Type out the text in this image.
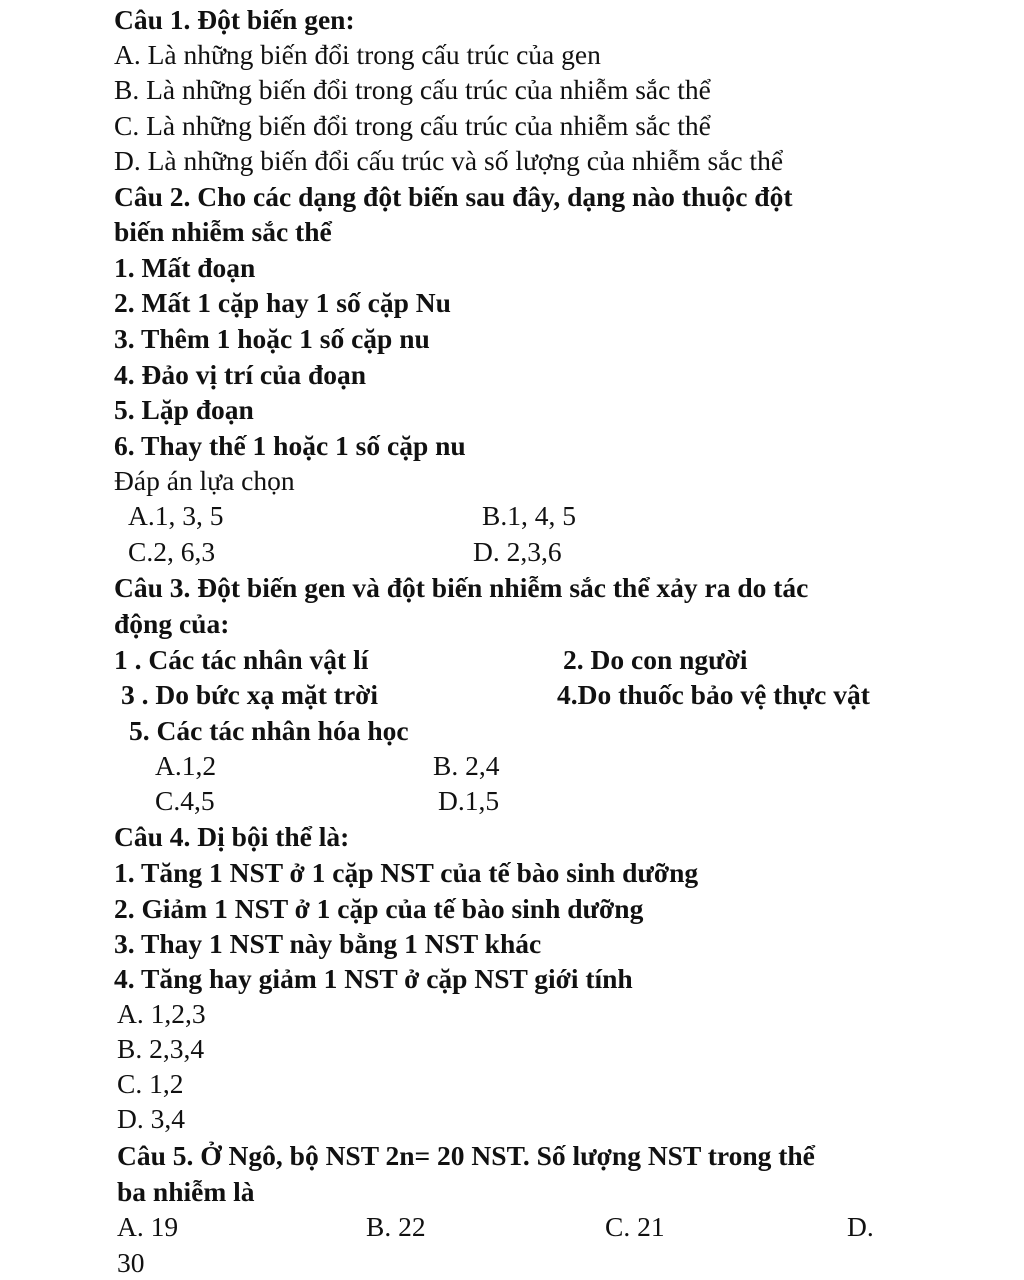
Câu 1. Đột biến gen:
A. Là những biến đổi trong cấu trúc của gen
B. Là những biến đổi trong cấu trúc của nhiễm sắc thể
C. Là những biến đổi trong cấu trúc của nhiễm sắc thể
D. Là những biến đổi cấu trúc và số lượng của nhiễm sắc thể
Câu 2. Cho các dạng đột biến sau đây, dạng nào thuộc đột
biến nhiễm sắc thể
1. Mất đoạn
2. Mất 1 cặp hay 1 số cặp Nu
3. Thêm 1 hoặc 1 số cặp nu
4. Đảo vị trí của đoạn
5. Lặp đoạn
6. Thay thế 1 hoặc 1 số cặp nu
Đáp án lựa chọn
A.1, 3, 5	B.1, 4, 5
C.2, 6,3	D. 2,3,6
Câu 3. Đột biến gen và đột biến nhiễm sắc thể xảy ra do tác
động của:
1 . Các tác nhân vật lí	2. Do con người
3 . Do bức xạ mặt trời	4.Do thuốc bảo vệ thực vật
5. Các tác nhân hóa học
A.1,2	B. 2,4
C.4,5	D.1,5
Câu 4. Dị bội thể là:
1. Tăng 1 NST ở 1 cặp NST của tế bào sinh dưỡng
2. Giảm 1 NST ở 1 cặp của tế bào sinh dưỡng
3. Thay 1 NST này bằng 1 NST khác
4. Tăng hay giảm 1 NST ở cặp NST giới tính
A. 1,2,3
B. 2,3,4
C. 1,2
D. 3,4
Câu 5. Ở Ngô, bộ NST 2n= 20 NST. Số lượng NST trong thể
ba nhiễm là
A. 19	B. 22	C. 21	D.
30
